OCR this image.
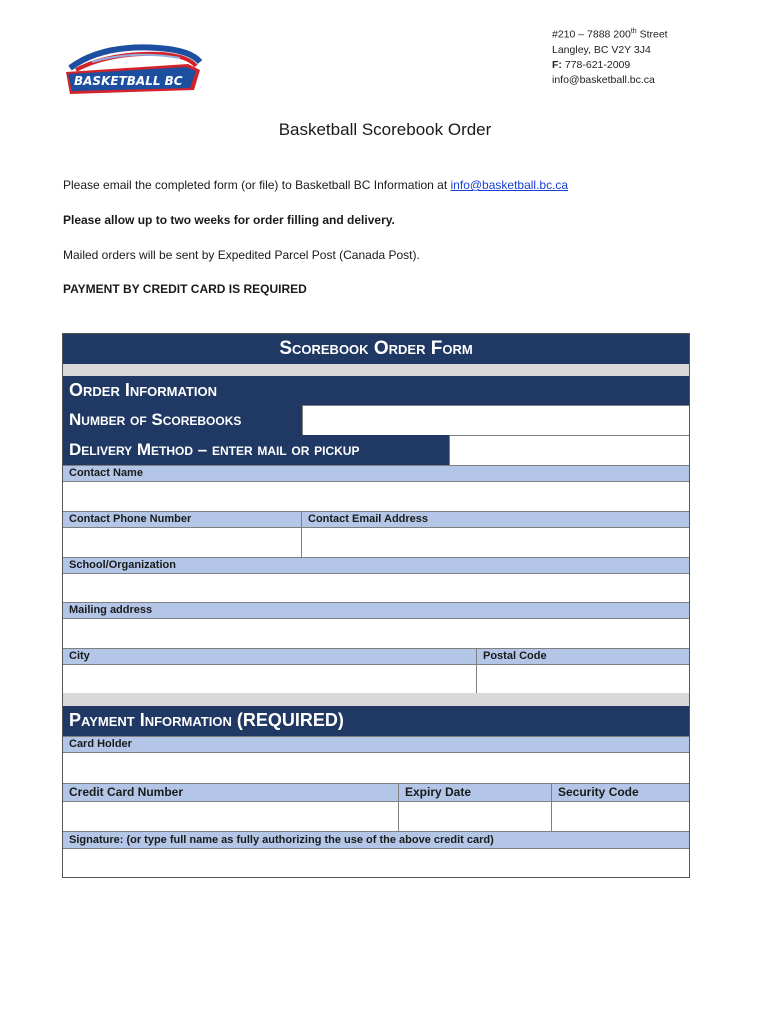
BASKETBALL BC
#210 – 7888 200th Street
Langley, BC V2Y 3J4
F: 778-621-2009
info@basketball.bc.ca
Basketball Scorebook Order
Please email the completed form (or file) to Basketball BC Information at info@basketball.bc.ca
Please allow up to two weeks for order filling and delivery.
Mailed orders will be sent by Expedited Parcel Post (Canada Post).
PAYMENT BY CREDIT CARD IS REQUIRED
Scorebook Order Form
Order Information
Number of Scorebooks
Delivery Method – enter mail or pickup
Contact Name
Contact Phone Number	Contact Email Address
School/Organization
Mailing address
City	Postal Code
Payment Information (REQUIRED)
Card Holder
Credit Card Number	Expiry Date	Security Code
Signature: (or type full name as fully authorizing the use of the above credit card)
